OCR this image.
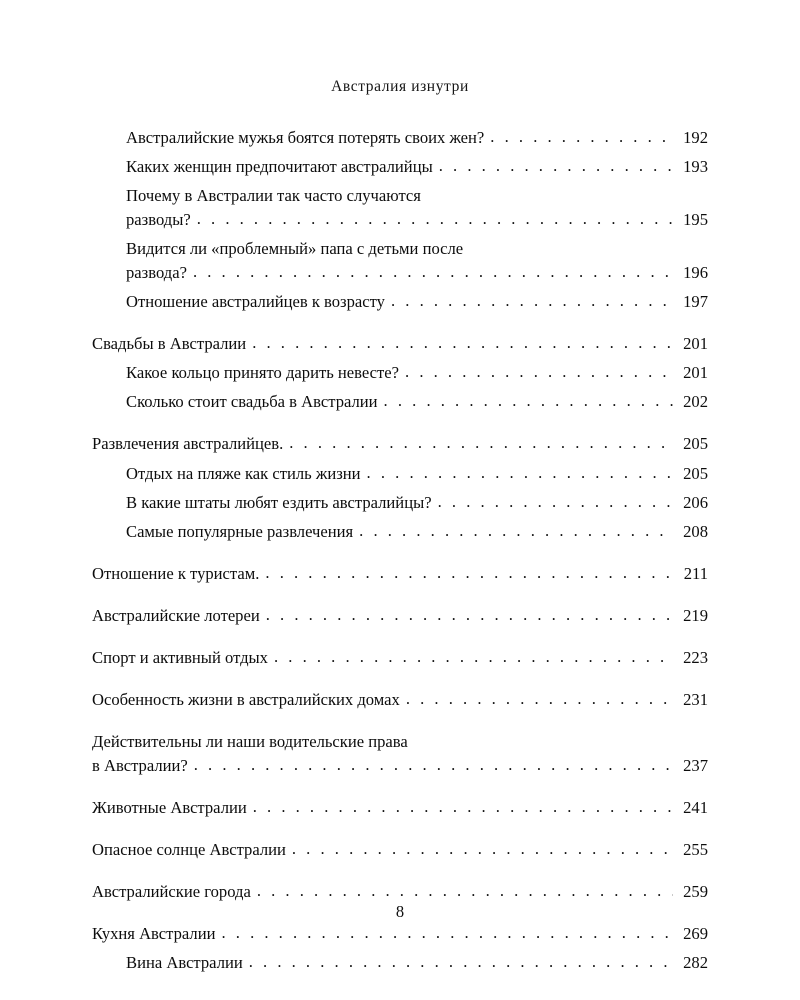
Австралия изнутри
Австралийские мужья боятся потерять своих жен? . . .	192
Каких женщин предпочитают австралийцы . . .	193
Почему в Австралии так часто случаются
разводы? . . .	195
Видится ли «проблемный» папа с детьми после
развода? . . .	196
Отношение австралийцев к возрасту . . .	197
Свадьбы в Австралии . . .	201
Какое кольцо принято дарить невесте? . . .	201
Сколько стоит свадьба в Австралии . . .	202
Развлечения австралийцев. . . .	205
Отдых на пляже как стиль жизни . . .	205
В какие штаты любят ездить австралийцы? . . .	206
Самые популярные развлечения . . .	208
Отношение к туристам. . . .	211
Австралийские лотереи . . .	219
Спорт и активный отдых . . .	223
Особенность жизни в австралийских домах . . .	231
Действительны ли наши водительские права
в Австралии? . . .	237
Животные Австралии . . .	241
Опасное солнце Австралии . . .	255
Австралийские города . . .	259
Кухня Австралии . . .	269
Вина Австралии . . .	282
8
